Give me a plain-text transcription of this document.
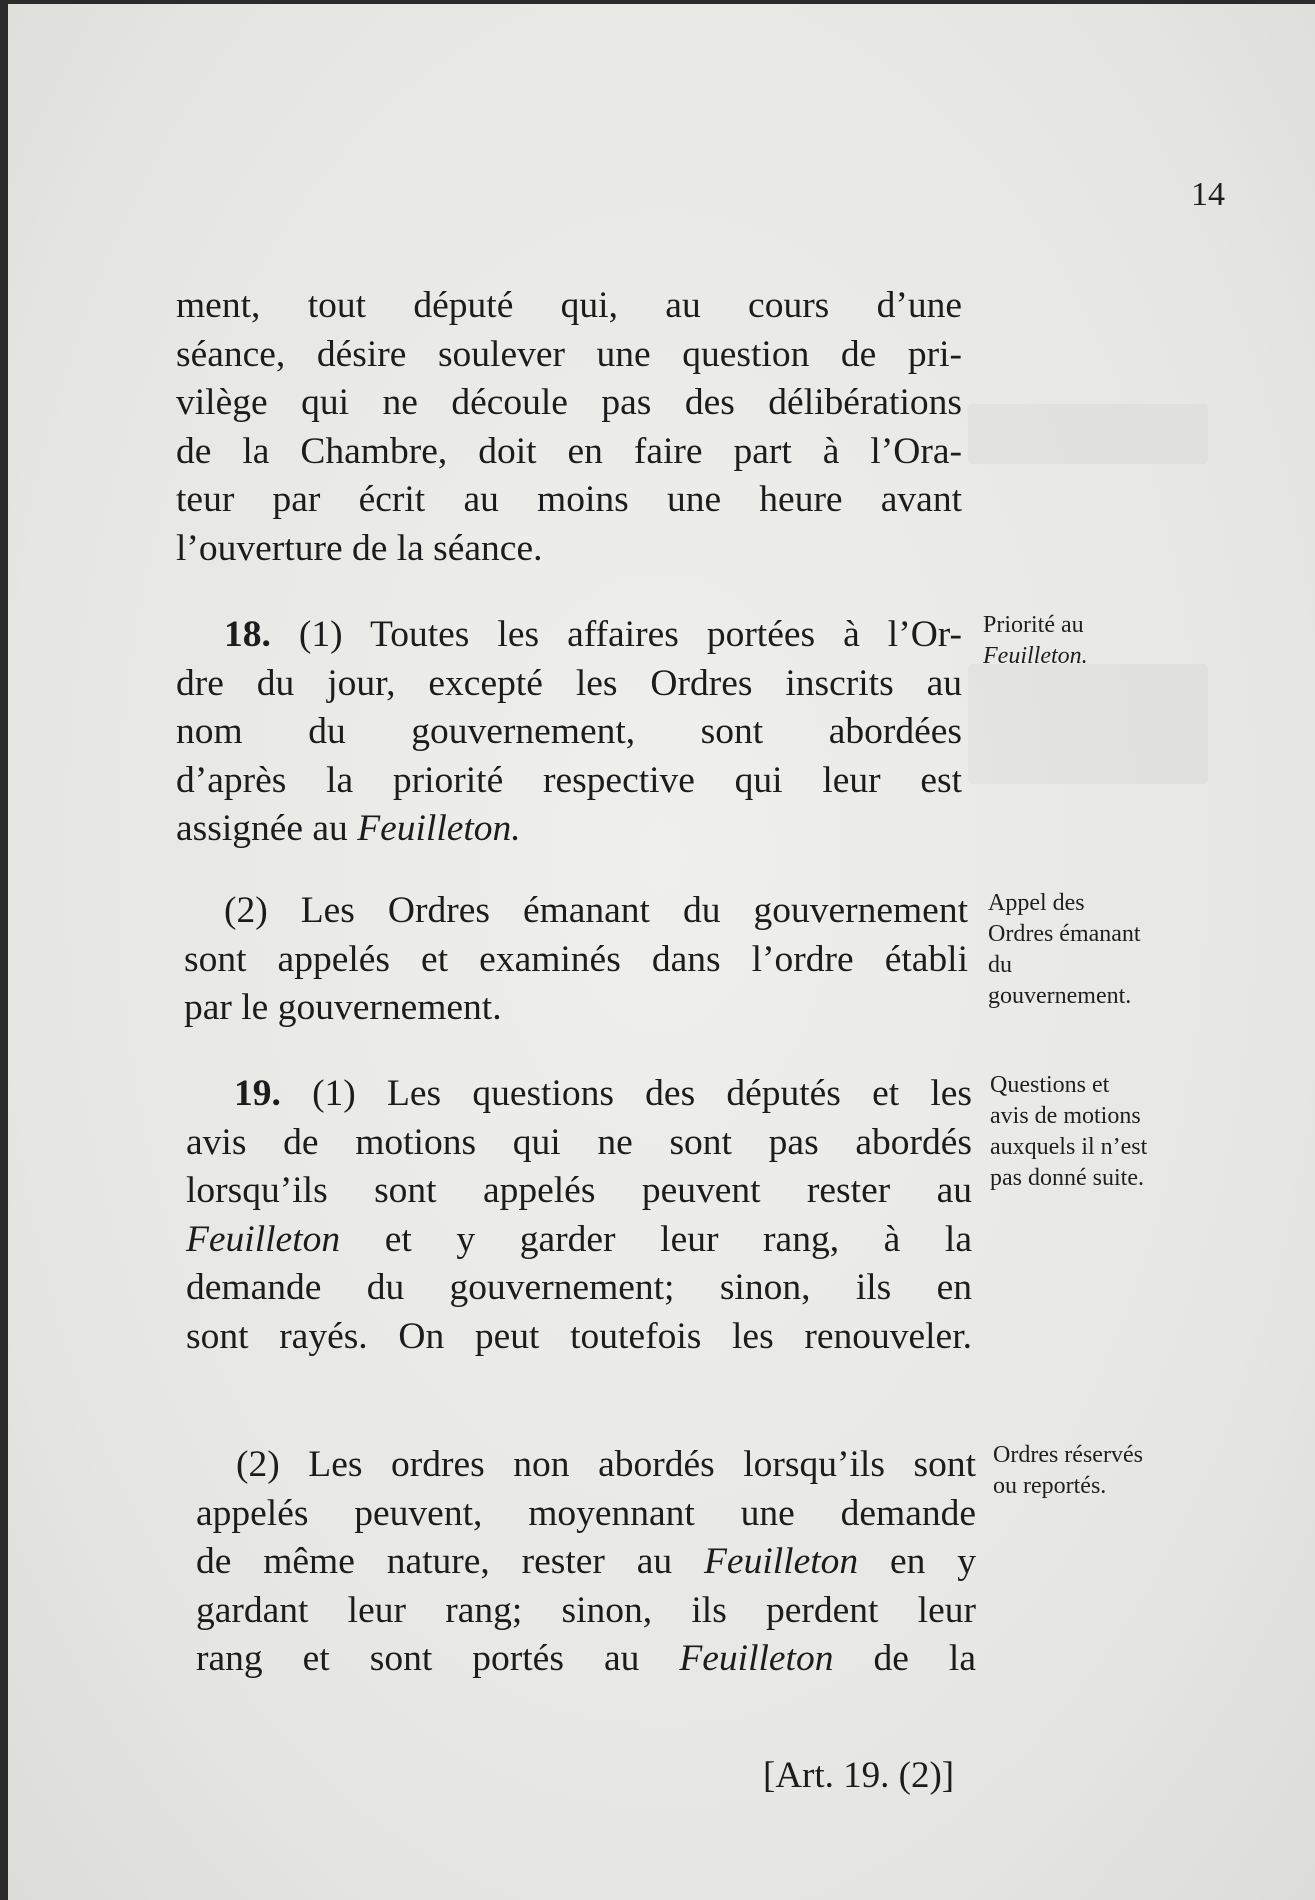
14
ment, tout député qui, au cours d’une
séance, désire soulever une question de pri-
vilège qui ne découle pas des délibérations
de la Chambre, doit en faire part à l’Ora-
teur par écrit au moins une heure avant
l’ouverture de la séance.
18. (1) Toutes les affaires portées à l’Or-
dre du jour, excepté les Ordres inscrits au
nom du gouvernement, sont abordées
d’après la priorité respective qui leur est
assignée au Feuilleton.
(2) Les Ordres émanant du gouvernement
sont appelés et examinés dans l’ordre établi
par le gouvernement.
19. (1) Les questions des députés et les
avis de motions qui ne sont pas abordés
lorsqu’ils sont appelés peuvent rester au
Feuilleton et y garder leur rang, à la
demande du gouvernement; sinon, ils en
sont rayés. On peut toutefois les renouveler.
(2) Les ordres non abordés lorsqu’ils sont
appelés peuvent, moyennant une demande
de même nature, rester au Feuilleton en y
gardant leur rang; sinon, ils perdent leur
rang et sont portés au Feuilleton de la
Priorité au
Feuilleton.
Appel des
Ordres émanant
du
gouvernement.
Questions et
avis de motions
auxquels il n’est
pas donné suite.
Ordres réservés
ou reportés.
[Art. 19. (2)]
